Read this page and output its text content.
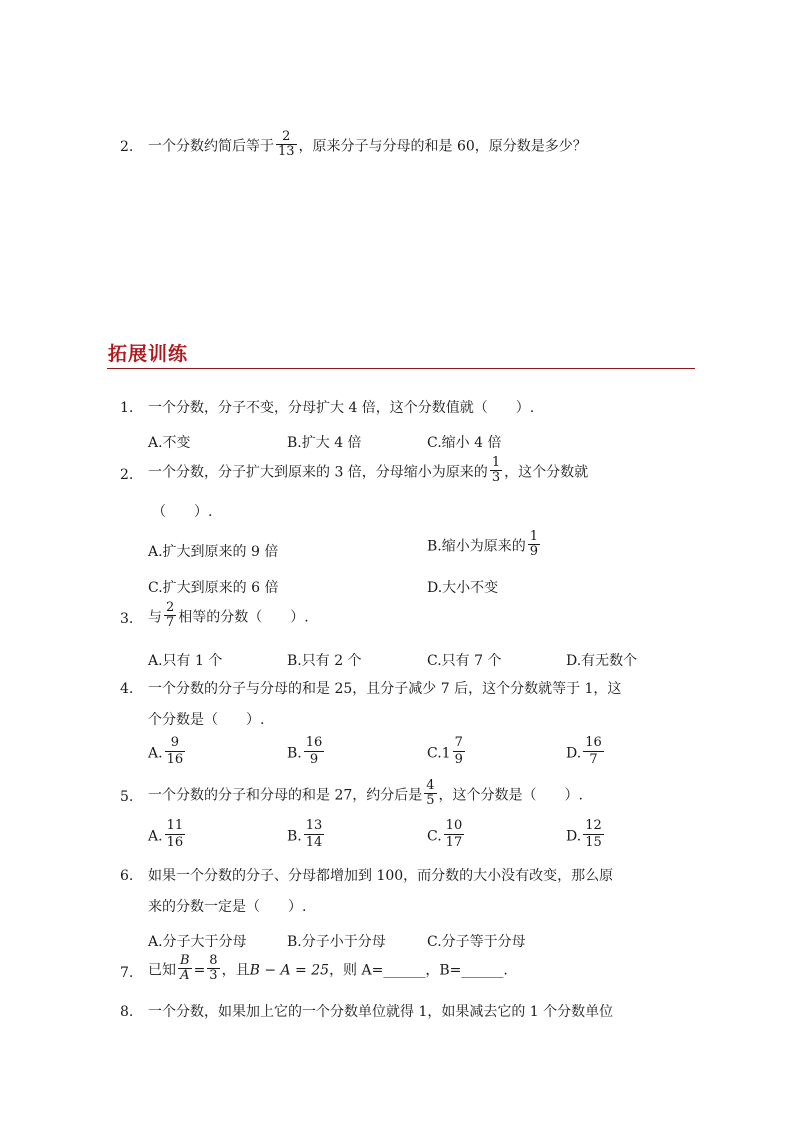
2. 一个分数约简后等于 $\frac{2}{13}$ ，原来分子与分母的和是 60，原分数是多少？
拓展训练
1. 一个分数，分子不变，分母扩大 4 倍，这个分数值就（　　）.
A.不变	B.扩大 4 倍	C.缩小 4 倍
2. 一个分数，分子扩大到原来的 3 倍，分母缩小为原来的 $\frac{1}{3}$ ，这个分数就
（　　）.
A.扩大到原来的 9 倍	B.缩小为原来的 $\frac{1}{9}$
C.扩大到原来的 6 倍	D.大小不变
3. 与 $\frac{2}{7}$ 相等的分数（　　）.
A.只有 1 个	B.只有 2 个	C.只有 7 个	D.有无数个
4. 一个分数的分子与分母的和是 25，且分子减少 7 后，这个分数就等于 1，这
个分数是（　　）.
A. $\frac{9}{16}$	B. $\frac{16}{9}$	$C.1 \frac{7}{9}$	D. $\frac{16}{7}$
5. 一个分数的分子和分母的和是 27，约分后是 $\frac{4}{5}$ ，这个分数是（　　）.
A. $\frac{11}{16}$	B. $\frac{13}{14}$	C. $\frac{10}{17}$	D. $\frac{12}{15}$
6. 如果一个分数的分子、分母都增加到 100，而分数的大小没有改变，那么原
来的分数一定是（　　）.
A.分子大于分母	B.分子小于分母	C.分子等于分母
7. 已知 $\frac{B}{A} = \frac{8}{3}$ ，且B − A = 25，则 A=______，B=______.
8. 一个分数，如果加上它的一个分数单位就得 1，如果减去它的 1 个分数单位
